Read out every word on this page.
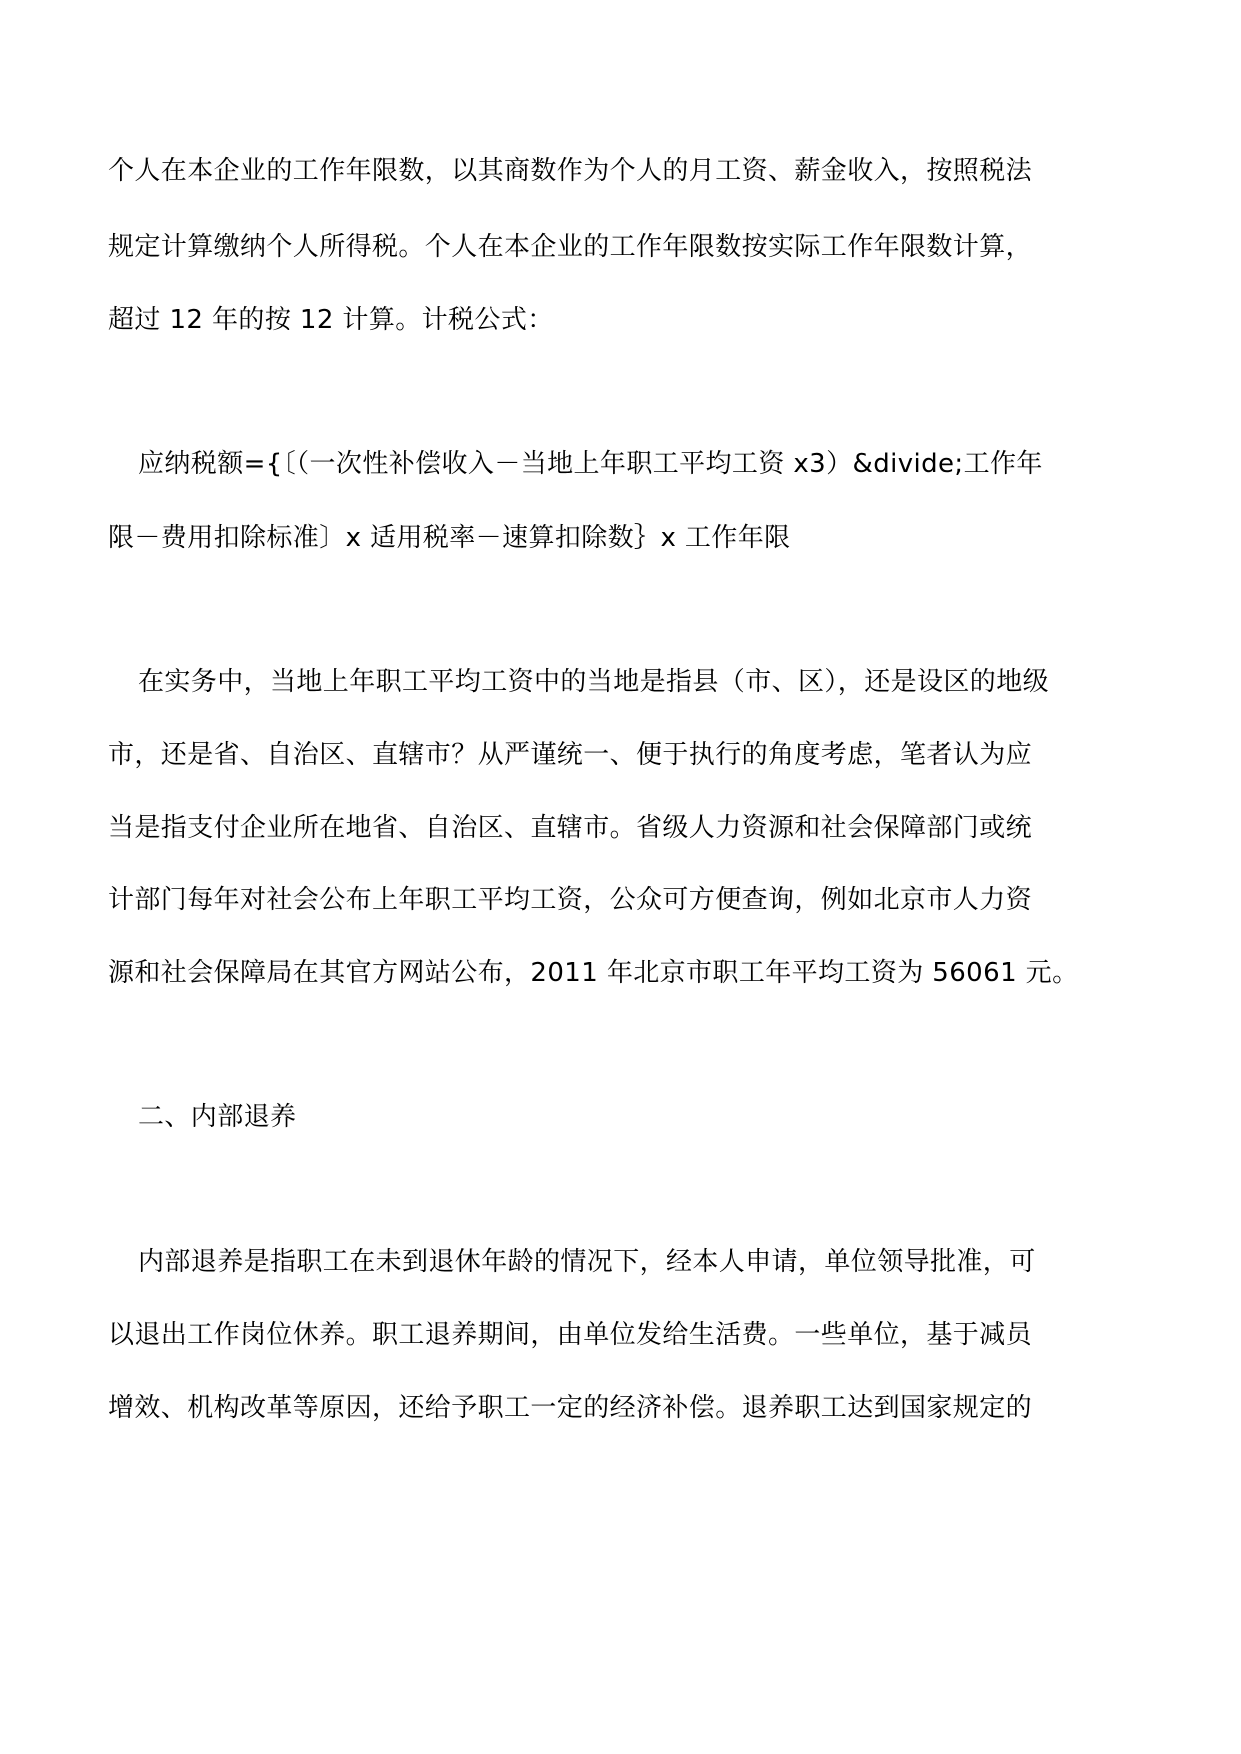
个人在本企业的工作年限数，以其商数作为个人的月工资、薪金收入，按照税法
规定计算缴纳个人所得税。个人在本企业的工作年限数按实际工作年限数计算，
超过 12 年的按 12 计算。计税公式：
应纳税额={〔（一次性补偿收入－当地上年职工平均工资 x3）&divide;工作年
限－费用扣除标准〕x 适用税率－速算扣除数｝x 工作年限
在实务中，当地上年职工平均工资中的当地是指县（市、区），还是设区的地级
市，还是省、自治区、直辖市？从严谨统一、便于执行的角度考虑，笔者认为应
当是指支付企业所在地省、自治区、直辖市。省级人力资源和社会保障部门或统
计部门每年对社会公布上年职工平均工资，公众可方便查询，例如北京市人力资
源和社会保障局在其官方网站公布，2011 年北京市职工年平均工资为 56061 元。
二、内部退养
内部退养是指职工在未到退休年龄的情况下，经本人申请，单位领导批准，可
以退出工作岗位休养。职工退养期间，由单位发给生活费。一些单位，基于减员
增效、机构改革等原因，还给予职工一定的经济补偿。退养职工达到国家规定的
